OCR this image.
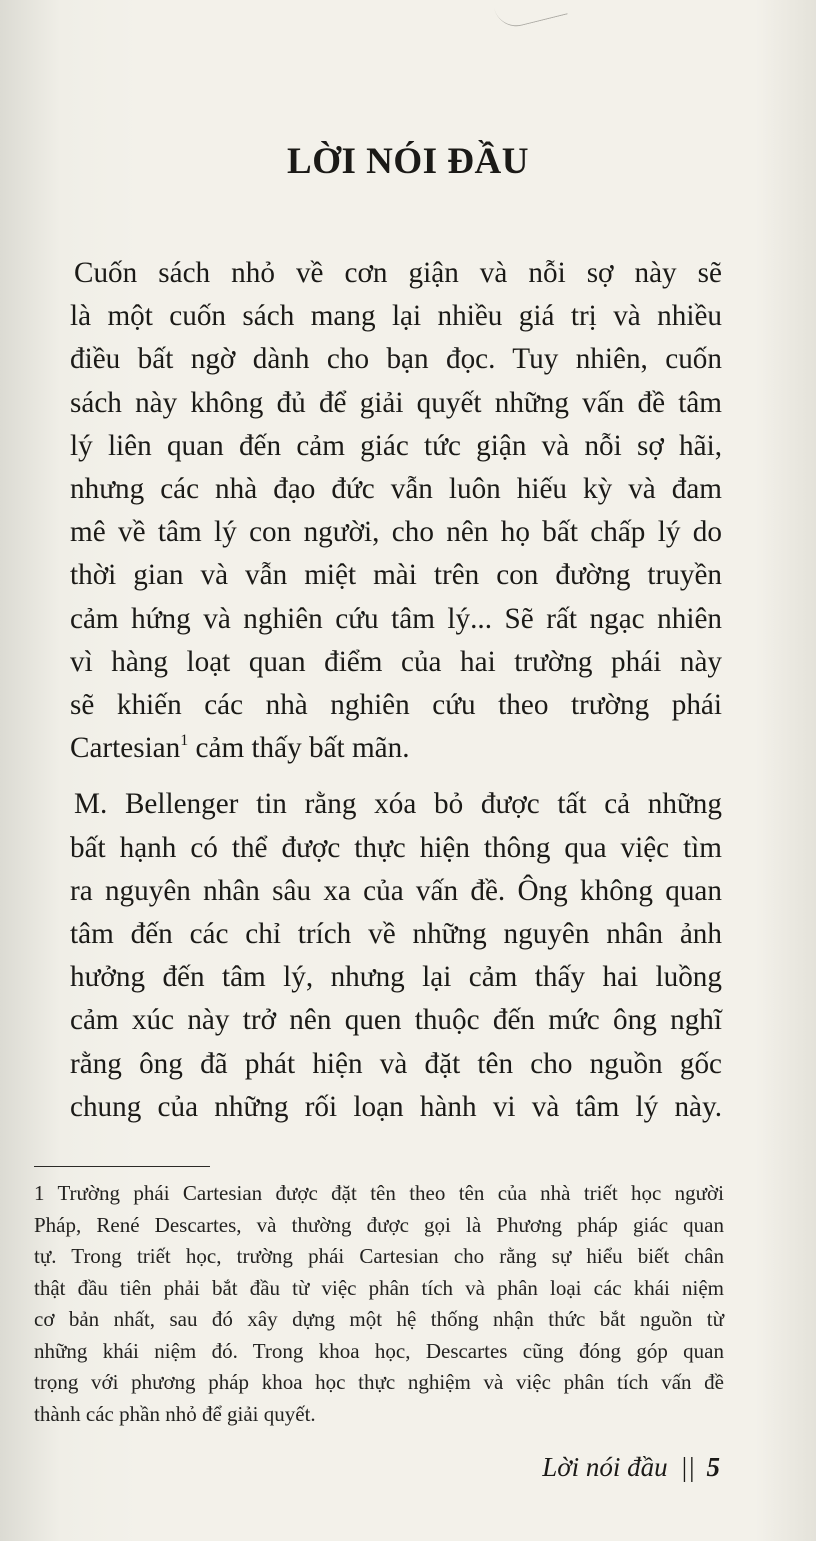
LỜI NÓI ĐẦU

Cuốn sách nhỏ về cơn giận và nỗi sợ này sẽ
là một cuốn sách mang lại nhiều giá trị và nhiều
điều bất ngờ dành cho bạn đọc. Tuy nhiên, cuốn
sách này không đủ để giải quyết những vấn đề tâm
lý liên quan đến cảm giác tức giận và nỗi sợ hãi,
nhưng các nhà đạo đức vẫn luôn hiếu kỳ và đam
mê về tâm lý con người, cho nên họ bất chấp lý do
thời gian và vẫn miệt mài trên con đường truyền
cảm hứng và nghiên cứu tâm lý... Sẽ rất ngạc nhiên
vì hàng loạt quan điểm của hai trường phái này
sẽ khiến các nhà nghiên cứu theo trường phái
Cartesian$^1$ cảm thấy bất mãn.

M. Bellenger tin rằng xóa bỏ được tất cả những
bất hạnh có thể được thực hiện thông qua việc tìm
ra nguyên nhân sâu xa của vấn đề. Ông không quan
tâm đến các chỉ trích về những nguyên nhân ảnh
hưởng đến tâm lý, nhưng lại cảm thấy hai luồng
cảm xúc này trở nên quen thuộc đến mức ông nghĩ
rằng ông đã phát hiện và đặt tên cho nguồn gốc
chung của những rối loạn hành vi và tâm lý này.

1 Trường phái Cartesian được đặt tên theo tên của nhà triết học người
Pháp, René Descartes, và thường được gọi là Phương pháp giác quan
tự. Trong triết học, trường phái Cartesian cho rằng sự hiểu biết chân
thật đầu tiên phải bắt đầu từ việc phân tích và phân loại các khái niệm
cơ bản nhất, sau đó xây dựng một hệ thống nhận thức bắt nguồn từ
những khái niệm đó. Trong khoa học, Descartes cũng đóng góp quan
trọng với phương pháp khoa học thực nghiệm và việc phân tích vấn đề
thành các phần nhỏ để giải quyết.
Lời nói đầu || 5
